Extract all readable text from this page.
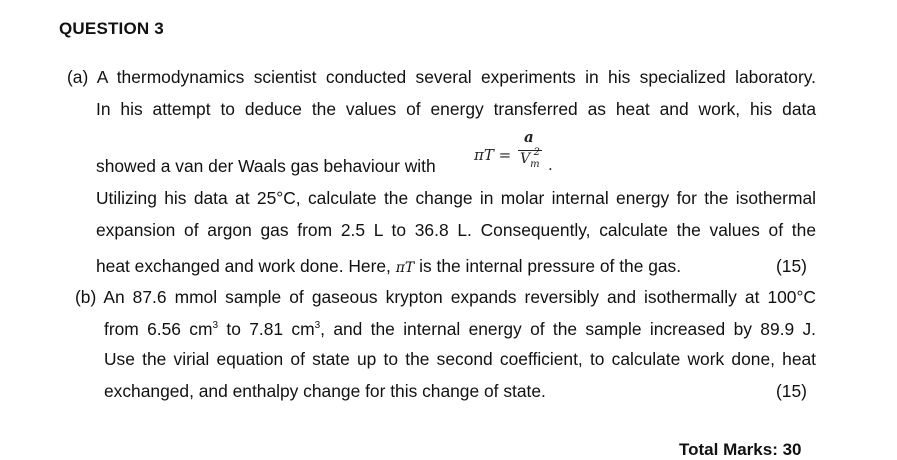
QUESTION 3
(a) A thermodynamics scientist conducted several experiments in his specialized laboratory.
In his attempt to deduce the values of energy transferred as heat and work, his data
showed a van der Waals gas behaviour with
πT =
a
$V_m^2$
.
Utilizing his data at 25°C, calculate the change in molar internal energy for the isothermal
expansion of argon gas from 2.5 L to 36.8 L. Consequently, calculate the values of the
heat exchanged and work done. Here, πT is the internal pressure of the gas.	(15)
(b) An 87.6 mmol sample of gaseous krypton expands reversibly and isothermally at 100°C
from 6.56 $cm^3$ to 7.81 $cm^3$, and the internal energy of the sample increased by 89.9 J.
Use the virial equation of state up to the second coefficient, to calculate work done, heat
exchanged, and enthalpy change for this change of state.	(15)
Total Marks: 30
